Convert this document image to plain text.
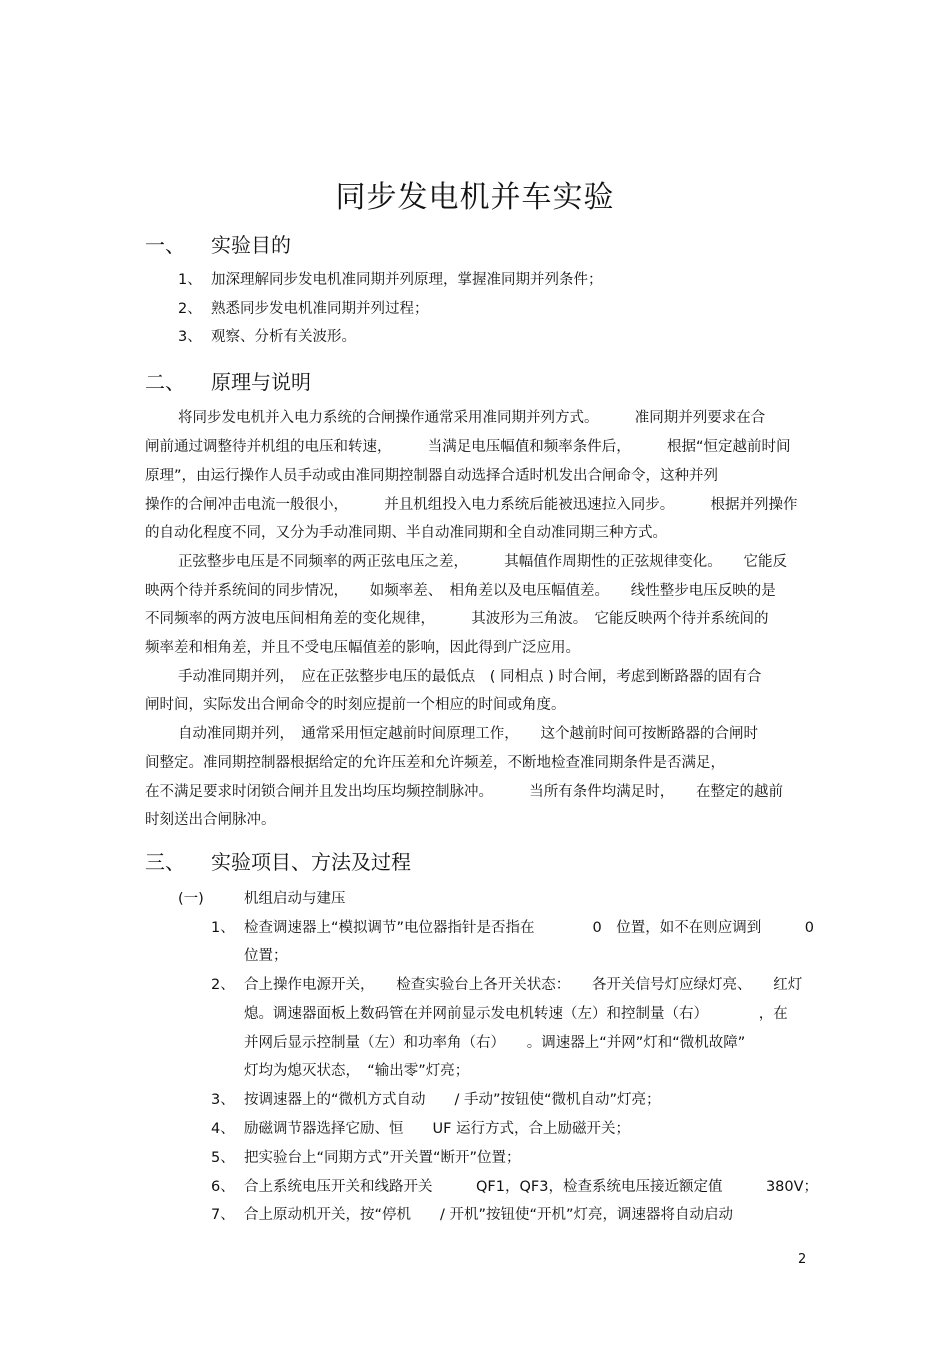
同步发电机并车实验
一、 实验目的
1、 加深理解同步发电机准同期并列原理，掌握准同期并列条件；
2、 熟悉同步发电机准同期并列过程；
3、 观察、分析有关波形。
二、 原理与说明
将同步发电机并入电力系统的合闸操作通常采用准同期并列方式。　　　准同期并列要求在合
闸前通过调整待并机组的电压和转速，　　　当满足电压幅值和频率条件后，　　　根据“恒定越前时间
原理”，由运行操作人员手动或由准同期控制器自动选择合适时机发出合闸命令，这种并列
操作的合闸冲击电流一般很小，　　　并且机组投入电力系统后能被迅速拉入同步。　　　根据并列操作
的自动化程度不同，又分为手动准同期、半自动准同期和全自动准同期三种方式。
正弦整步电压是不同频率的两正弦电压之差，　　　其幅值作周期性的正弦规律变化。　　它能反
映两个待并系统间的同步情况，　　如频率差、　相角差以及电压幅值差。　　线性整步电压反映的是
不同频率的两方波电压间相角差的变化规律，　　　其波形为三角波。　它能反映两个待并系统间的
频率差和相角差，并且不受电压幅值差的影响，因此得到广泛应用。
手动准同期并列，　应在正弦整步电压的最低点　( 同相点 ) 时合闸，考虑到断路器的固有合
闸时间，实际发出合闸命令的时刻应提前一个相应的时间或角度。
自动准同期并列，　通常采用恒定越前时间原理工作，　　这个越前时间可按断路器的合闸时
间整定。准同期控制器根据给定的允许压差和允许频差，不断地检查准同期条件是否满足，
在不满足要求时闭锁合闸并且发出均压均频控制脉冲。　　　当所有条件均满足时，　　在整定的越前
时刻送出合闸脉冲。
三、 实验项目、方法及过程
(一)	机组启动与建压
1、 检查调速器上“模拟调节”电位器指针是否指在　　　　0　位置，如不在则应调到　　　0
位置；
2、 合上操作电源开关，　　检查实验台上各开关状态：　　各开关信号灯应绿灯亮、　　红灯
熄。调速器面板上数码管在并网前显示发电机转速（左）和控制量（右）　　　　，在
并网后显示控制量（左）和功率角（右）　　。调速器上“并网”灯和“微机故障”
灯均为熄灭状态，　“输出零”灯亮；
3、 按调速器上的“微机方式自动　　/ 手动”按钮使“微机自动”灯亮；
4、 励磁调节器选择它励、恒　　UF 运行方式，合上励磁开关；
5、 把实验台上“同期方式”开关置“断开”位置；
6、 合上系统电压开关和线路开关　　　QF1，QF3，检查系统电压接近额定值　　　380V；
7、 合上原动机开关，按“停机　　/ 开机”按钮使“开机”灯亮，调速器将自动启动
2
